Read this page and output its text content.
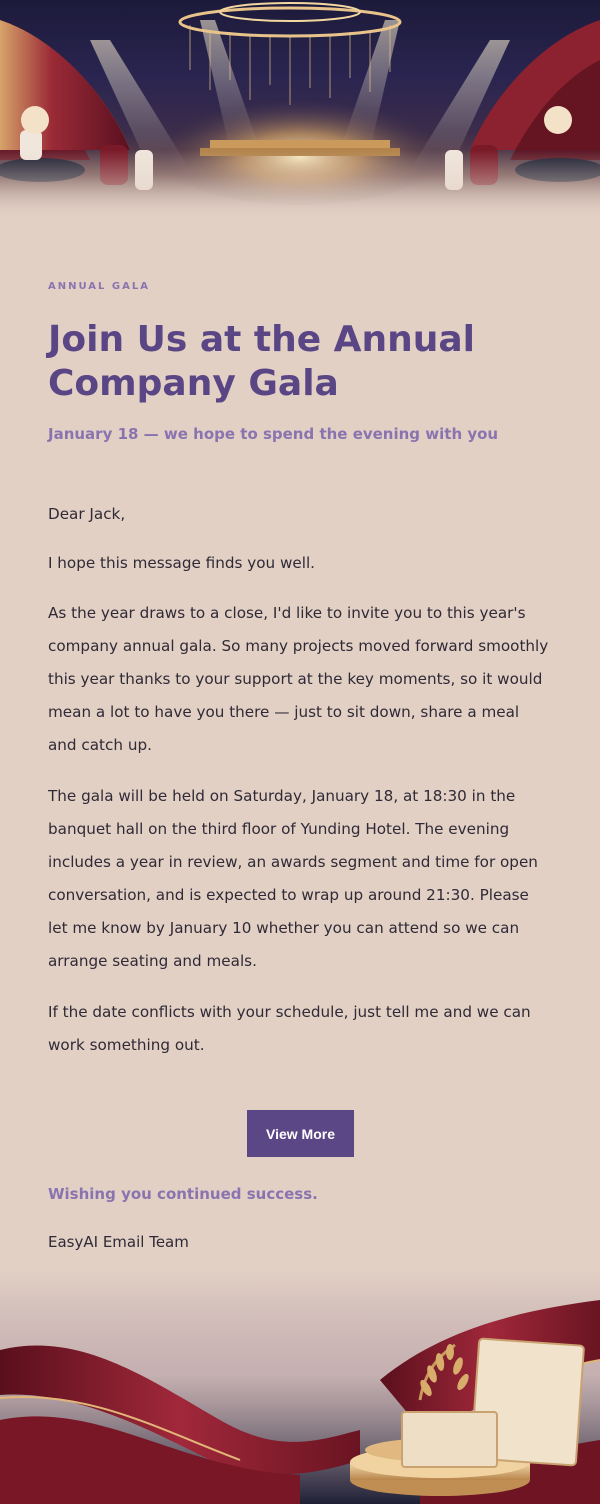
ANNUAL GALA
Join Us at the Annual Company Gala
January 18 — we hope to spend the evening with you

Dear Jack,

I hope this message finds you well.

As the year draws to a close, I'd like to invite you to this year's company annual gala. So many projects moved forward smoothly this year thanks to your support at the key moments, so it would mean a lot to have you there — just to sit down, share a meal and catch up.

The gala will be held on Saturday, January 18, at 18:30 in the banquet hall on the third floor of Yunding Hotel. The evening includes a year in review, an awards segment and time for open conversation, and is expected to wrap up around 21:30. Please let me know by January 10 whether you can attend so we can arrange seating and meals.

If the date conflicts with your schedule, just tell me and we can work something out.

View More
Wishing you continued success.
EasyAI Email Team
